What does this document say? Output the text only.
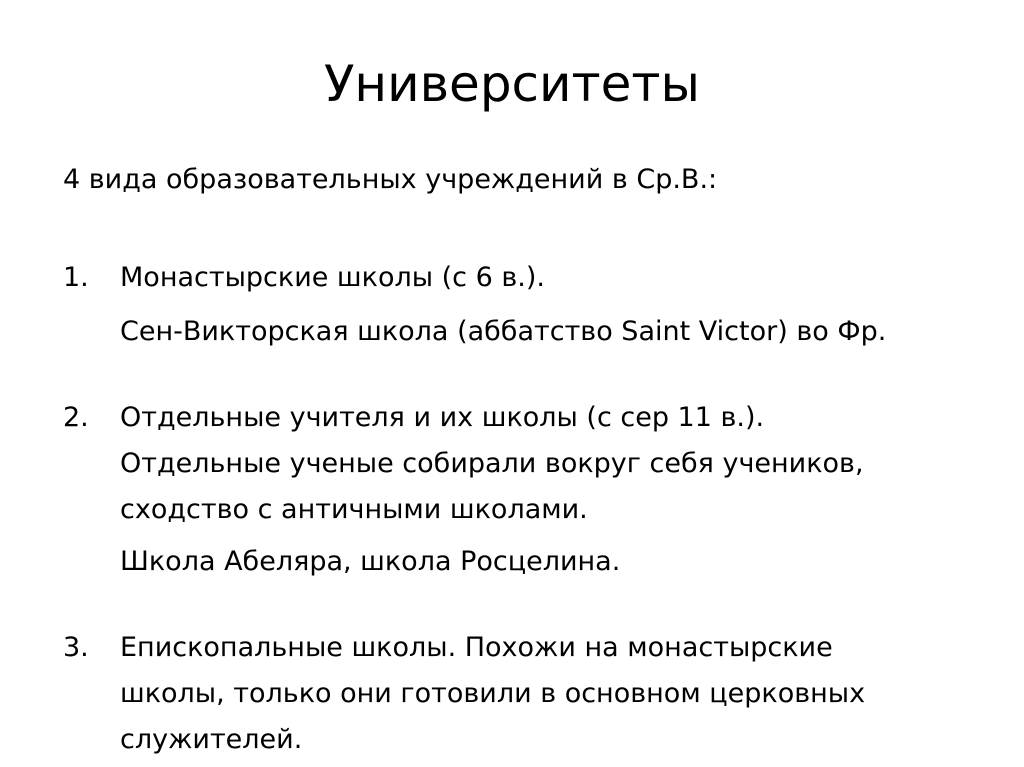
Университеты

4 вида образовательных учреждений в Ср.В.:

1. Монастырские школы (с 6 в.).
Сен-Викторская школа (аббатство Saint Victor) во Фр.
2. Отдельные учителя и их школы (с сер 11 в.).
Отдельные ученые собирали вокруг себя учеников,
сходство с античными школами.
Школа Абеляра, школа Росцелина.
3. Епископальные школы. Похожи на монастырские
школы, только они готовили в основном церковных
служителей.
